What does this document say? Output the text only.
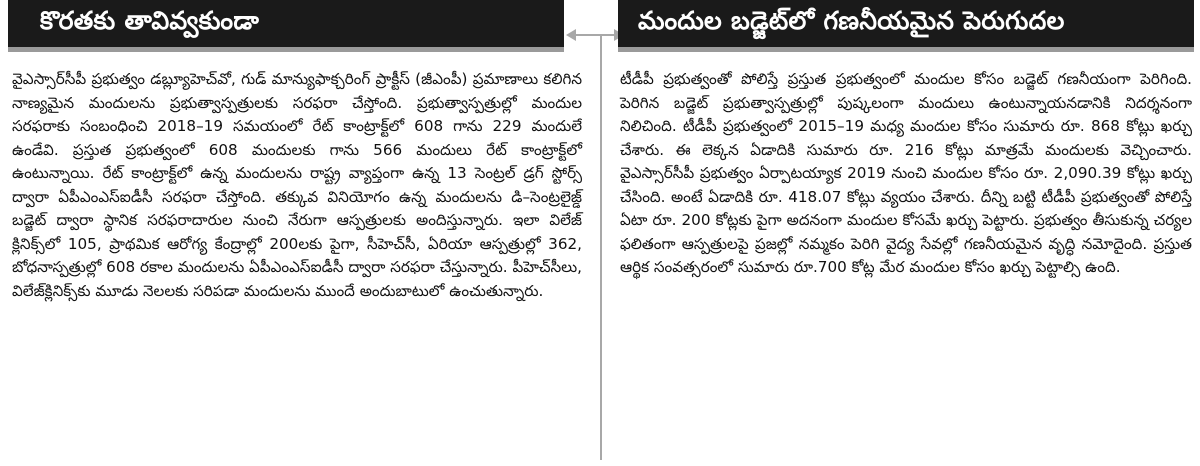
కొరతకు తావివ్వకుండా

వైఎస్సార్‌సీపీ ప్రభుత్వం డబ్ల్యూహెచ్‌వో, గుడ్ మాన్యుఫాక్చరింగ్ ప్రాక్టీస్ (జీఎంపీ) ప్రమాణాలు కలిగిన నాణ్యమైన మందులను ప్రభుత్వాస్పత్రులకు సరఫరా చేస్తోంది. ప్రభుత్వాస్పత్రుల్లో మందుల సరఫరాకు సంబంధించి 2018–19 సమయంలో రేట్ కాంట్రాక్ట్‌లో 608 గాను 229 మందులే ఉండేవి. ప్రస్తుత ప్రభుత్వంలో 608 మందులకు గాను 566 మందులు రేట్ కాంట్రాక్ట్‌లో ఉంటున్నాయి. రేట్ కాంట్రాక్ట్‌లో ఉన్న మందులను రాష్ట్ర వ్యాప్తంగా ఉన్న 13 సెంట్రల్ డ్రగ్ స్టోర్స్ ద్వారా ఏపీఎంఎస్ఐడీసీ సరఫరా చేస్తోంది. తక్కువ వినియోగం ఉన్న మందులను డి–సెంట్రలైజ్డ్ బడ్జెట్ ద్వారా స్థానిక సరఫరాదారుల నుంచి నేరుగా ఆస్పత్రులకు అందిస్తున్నారు. ఇలా విలేజ్ క్లినిక్స్‌లో 105, ప్రాథమిక ఆరోగ్య కేంద్రాల్లో 200లకు పైగా, సీహెచ్‌సీ, ఏరియా ఆస్పత్రుల్లో 362, బోధనాస్పత్రుల్లో 608 రకాల మందులను ఏపీఎంఎస్ఐడీసీ ద్వారా సరఫరా చేస్తున్నారు. పీహెచ్‌సీలు, విలేజ్‌క్లినిక్స్‌కు మూడు నెలలకు సరిపడా మందులను ముందే అందుబాటులో ఉంచుతున్నారు.

మందుల బడ్జెట్‌లో గణనీయమైన పెరుగుదల

టీడీపీ ప్రభుత్వంతో పోలిస్తే ప్రస్తుత ప్రభుత్వంలో మందుల కోసం బడ్జెట్ గణనీయంగా పెరిగింది. పెరిగిన బడ్జెట్ ప్రభుత్వాస్పత్రుల్లో పుష్కలంగా మందులు ఉంటున్నాయనడానికి నిదర్శనంగా నిలిచింది. టీడీపీ ప్రభుత్వంలో 2015–19 మధ్య మందుల కోసం సుమారు రూ. 868 కోట్లు ఖర్చు చేశారు. ఈ లెక్కన ఏడాదికి సుమారు రూ. 216 కోట్లు మాత్రమే మందులకు వెచ్చించారు. వైఎస్సార్‌సీపీ ప్రభుత్వం ఏర్పాటయ్యాక 2019 నుంచి మందుల కోసం రూ. 2,090.39 కోట్లు ఖర్చు చేసింది. అంటే ఏడాదికి రూ. 418.07 కోట్లు వ్యయం చేశారు. దీన్ని బట్టి టీడీపీ ప్రభుత్వంతో పోలిస్తే ఏటా రూ. 200 కోట్లకు పైగా అదనంగా మందుల కోసమే ఖర్చు పెట్టారు. ప్రభుత్వం తీసుకున్న చర్యల ఫలితంగా ఆస్పత్రులపై ప్రజల్లో నమ్మకం పెరిగి వైద్య సేవల్లో గణనీయమైన వృద్ధి నమోదైంది. ప్రస్తుత ఆర్థిక సంవత్సరంలో సుమారు రూ.700 కోట్ల మేర మందుల కోసం ఖర్చు పెట్టాల్సి ఉంది.
